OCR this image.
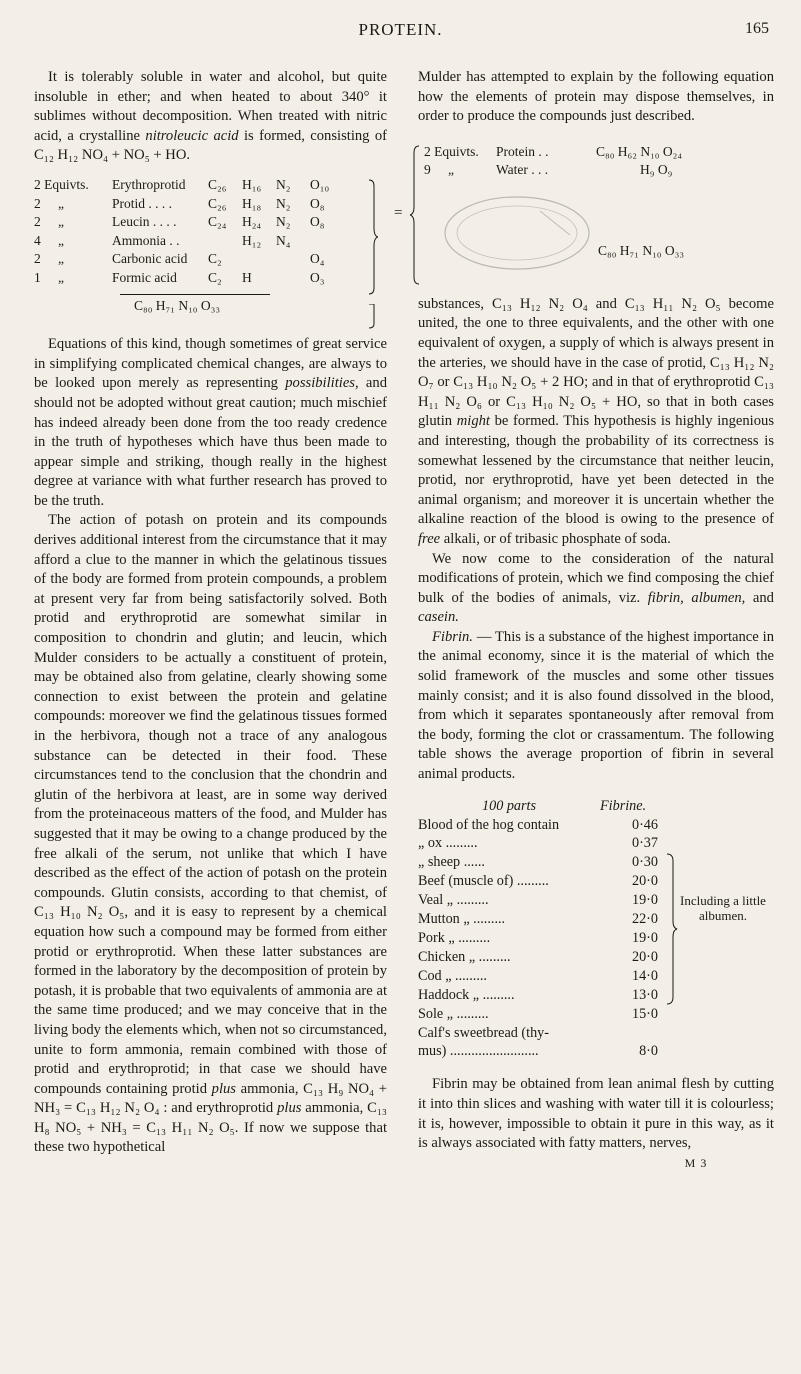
PROTEIN.	165

It is tolerably soluble in water and alcohol, but quite insoluble in ether; and when heated to about 340° it sublimes without decomposition. When treated with nitric acid, a crystalline nitroleucic acid is formed, consisting of C₁₂ H₁₂ NO₄ + NO₅ + HO.

2 Equivts.		Erythroprotid	C₂₆	H₁₆	N₂	O₁₀
2	„	Protid . . . .	C₂₆	H₁₈	N₂	O₈
2	„	Leucin . . . .	C₂₄	H₂₄	N₂	O₈
4	„	Ammonia . .		H₁₂	N₄	
2	„	Carbonic acid	C₂			O₄
1	„	Formic acid	C₂	H		O₃
C₈₀ H₇₁ N₁₀ O₃₃

Equations of this kind, though sometimes of great service in simplifying complicated chemical changes, are always to be looked upon merely as representing possibilities, and should not be adopted without great caution; much mischief has indeed already been done from the too ready credence in the truth of hypotheses which have thus been made to appear simple and striking, though really in the highest degree at variance with what further research has proved to be the truth.

The action of potash on protein and its compounds derives additional interest from the circumstance that it may afford a clue to the manner in which the gelatinous tissues of the body are formed from protein compounds, a problem at present very far from being satisfactorily solved. Both protid and erythroprotid are somewhat similar in composition to chondrin and glutin; and leucin, which Mulder considers to be actually a constituent of protein, may be obtained also from gelatine, clearly showing some connection to exist between the protein and gelatine compounds: moreover we find the gelatinous tissues formed in the herbivora, though not a trace of any analogous substance can be detected in their food. These circumstances tend to the conclusion that the chondrin and glutin of the herbivora at least, are in some way derived from the proteinaceous matters of the food, and Mulder has suggested that it may be owing to a change produced by the free alkali of the serum, not unlike that which I have described as the effect of the action of potash on the protein compounds. Glutin consists, according to that chemist, of C₁₃ H₁₀ N₂ O₅, and it is easy to represent by a chemical equation how such a compound may be formed from either protid or erythroprotid. When these latter substances are formed in the laboratory by the decomposition of protein by potash, it is probable that two equivalents of ammonia are at the same time produced; and we may conceive that in the living body the elements which, when not so circumstanced, unite to form ammonia, remain combined with those of protid and erythroprotid; in that case we should have compounds containing protid plus ammonia, C₁₃ H₉ NO₄ + NH₃ = C₁₃ H₁₂ N₂ O₄ : and erythroprotid plus ammonia, C₁₃ H₈ NO₅ + NH₃ = C₁₃ H₁₁ N₂ O₅. If now we suppose that these two hypothetical

Mulder has attempted to explain by the following equation how the elements of protein may dispose themselves, in order to produce the compounds just described.

=
2 Equivts.	Protein . .	C₈₀ H₆₂ N₁₀ O₂₄
9	„	Water . . .	H₉ O₉
C₈₀ H₇₁ N₁₀ O₃₃

substances, C₁₃ H₁₂ N₂ O₄ and C₁₃ H₁₁ N₂ O₅ become united, the one to three equivalents, and the other with one equivalent of oxygen, a supply of which is always present in the arteries, we should have in the case of protid, C₁₃ H₁₂ N₂ O₇ or C₁₃ H₁₀ N₂ O₅ + 2 HO; and in that of erythroprotid C₁₃ H₁₁ N₂ O₆ or C₁₃ H₁₀ N₂ O₅ + HO, so that in both cases glutin might be formed. This hypothesis is highly ingenious and interesting, though the probability of its correctness is somewhat lessened by the circumstance that neither leucin, protid, nor erythroprotid, have yet been detected in the animal organism; and moreover it is uncertain whether the alkaline reaction of the blood is owing to the presence of free alkali, or of tribasic phosphate of soda.

We now come to the consideration of the natural modifications of protein, which we find composing the chief bulk of the bodies of animals, viz. fibrin, albumen, and casein.

Fibrin. — This is a substance of the highest importance in the animal economy, since it is the material of which the solid framework of the muscles and some other tissues mainly consist; and it is also found dissolved in the blood, from which it separates spontaneously after removal from the body, forming the clot or crassamentum. The following table shows the average proportion of fibrin in several animal products.

100 parts	Fibrine.
Blood of the hog contain	0·46
„ ox .........	0·37
„ sheep ......	0·30
Beef (muscle of) .........	20·0
Veal „ .........	19·0
Mutton „ .........	22·0
Pork „ .........	19·0
Chicken „ .........	20·0
Cod „ .........	14·0
Haddock „ .........	13·0
Sole „ .........	15·0
Calf's sweetbread (thy-
mus) .........................	8·0
Including a little albumen.

Fibrin may be obtained from lean animal flesh by cutting it into thin slices and washing with water till it is colourless; it is, however, impossible to obtain it pure in this way, as it is always associated with fatty matters, nerves,

M 3
